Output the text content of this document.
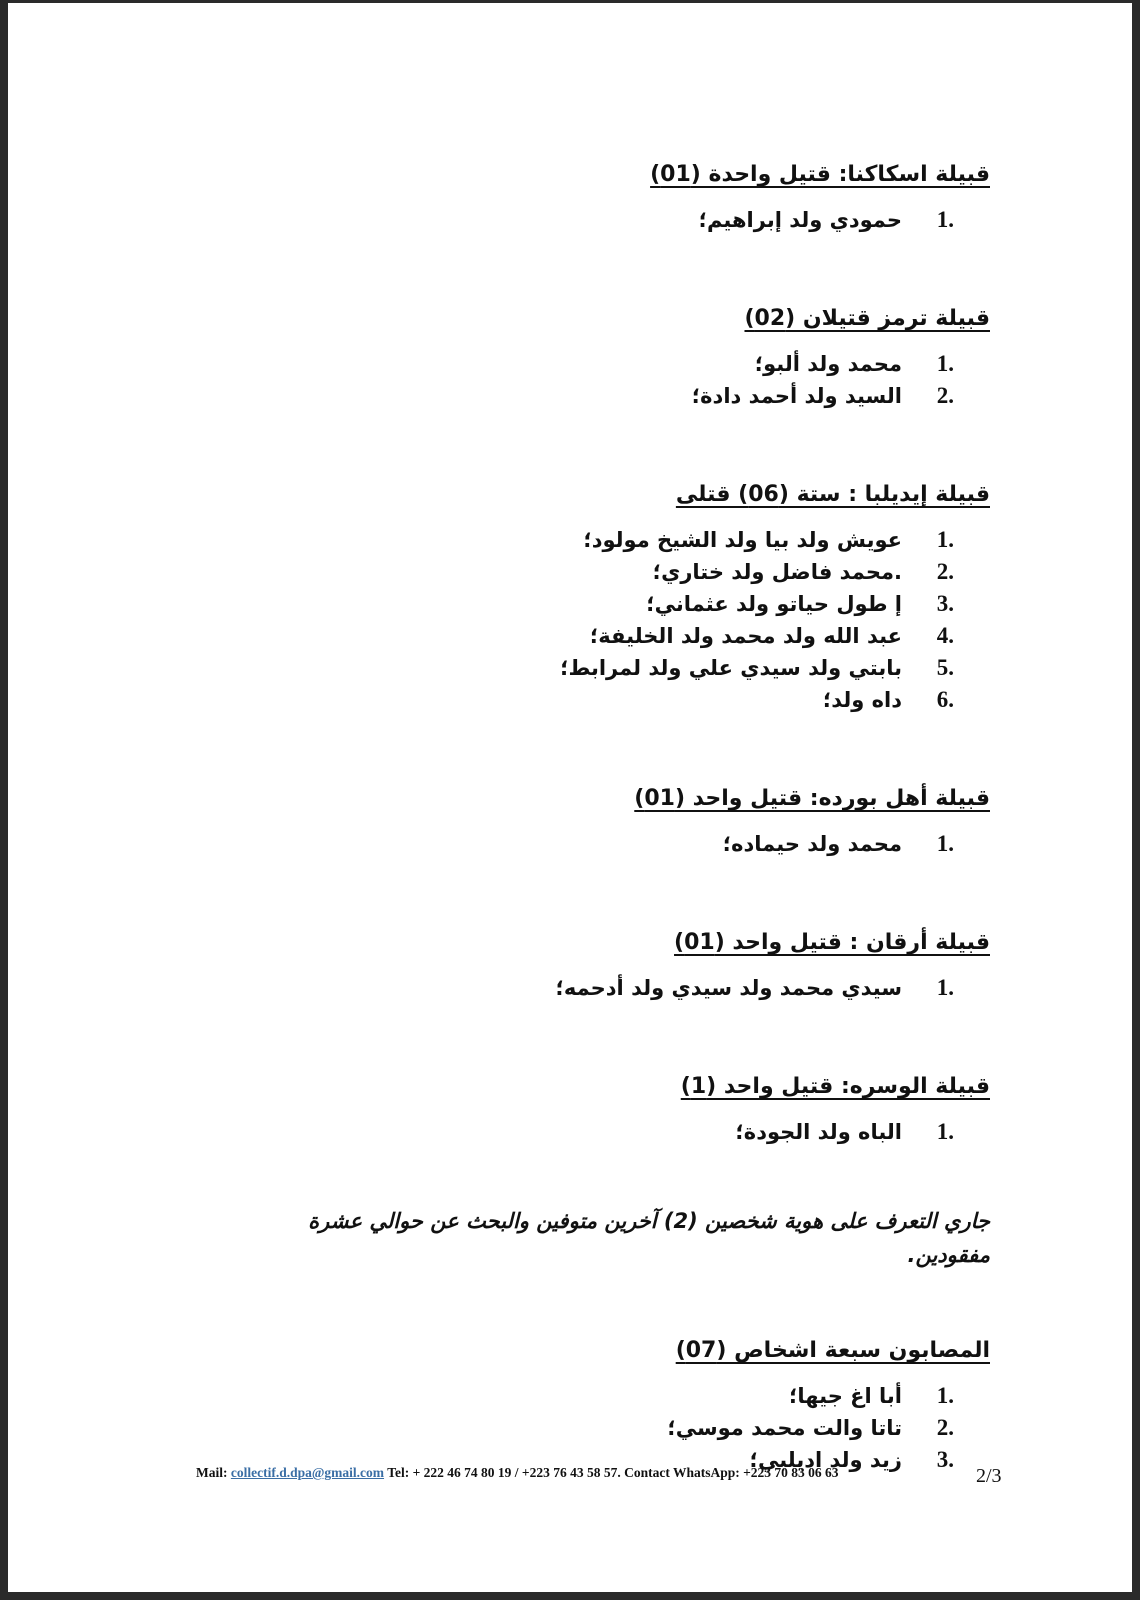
قبيلة اسكاكنا: قتيل واحدة (01)
1.
حمودي ولد إبراهيم؛
قبيلة ترمز قتيلان (02)
1.
محمد ولد ألبو؛
2.
السيد ولد أحمد دادة؛
قبيلة إيديلبا : ستة (06) قتلى
1.
عويش ولد بيا ولد الشيخ مولود؛
2.
.محمد فاضل ولد ختاري؛
3.
إ طول حياتو ولد عثماني؛
4.
عبد الله ولد محمد ولد الخليفة؛
5.
بابتي ولد سيدي علي ولد لمرابط؛
6.
داه ولد؛
قبيلة أهل بورده: قتيل واحد (01)
1.
محمد ولد حيماده؛
قبيلة أرقان : قتيل واحد (01)
1.
سيدي محمد ولد سيدي ولد أدحمه؛
قبيلة الوسره: قتيل واحد (1)
1.
الباه ولد الجودة؛
جاري التعرف على هوية شخصين (2) آخرين متوفين والبحث عن حوالي عشرة مفقودين.
المصابون سبعة اشخاص (07)
1.
أبا اغ جيها؛
2.
تاتا والت محمد موسي؛
3.
زيد ولد اديلبي؛
Mail: collectif.d.dpa@gmail.com Tel: + 222 46 74 80 19 / +223 76 43 58 57. Contact WhatsApp: +223 70 83 06 63	2/3
